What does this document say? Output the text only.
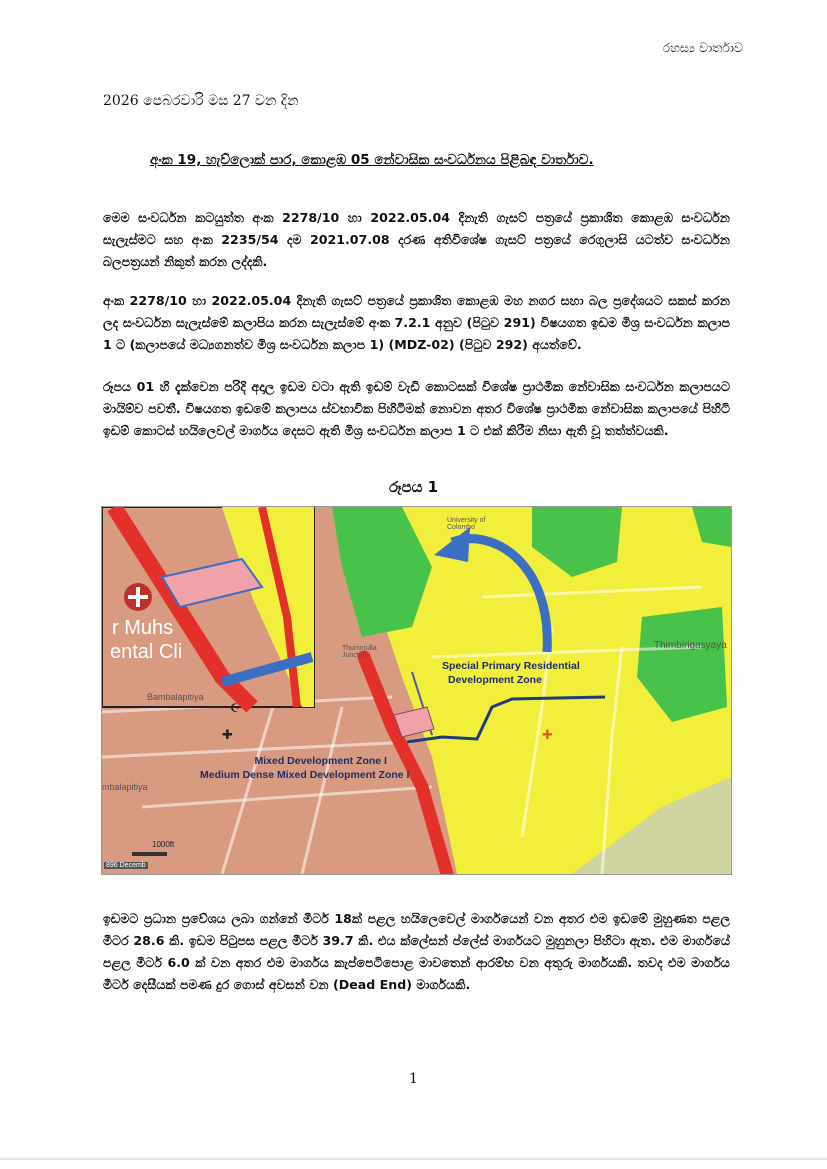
රහස්‍ය වාර්තාව
2026 පෙබරවාරි මස 27 වන දින
අංක 19, හැව්ලොක් පාර, කොළඹ 05 නේවාසික සංවර්ධනය පිළිබඳ වාර්තාව.
මෙම සංවර්ධන කටයුත්ත අංක 2278/10 හා 2022.05.04 දිනැති ගැසට් පත්‍රයේ ප්‍රකාශිත කොළඹ සංවර්ධන සැලැස්මට සහ අංක 2235/54 දම 2021.07.08 දරණ අතිවිශේෂ ගැසට් පත්‍රයේ රෙගුලාසි යටත්ව සංවර්ධන බලපත්‍රයන් නිකුත් කරන ලද්දකි.
අංක 2278/10 හා 2022.05.04 දිනැති ගැසට් පත්‍රයේ ප්‍රකාශිත කොළඹ මහ නගර සහා බල ප්‍රදේශයට සකස් කරන ලද සංවර්ධන සැලැස්මේ කලාපිය කරන සැලැස්මේ අංක 7.2.1 අනුව (පිටුව 291) විෂයගත ඉඩම මිශ්‍ර සංවර්ධන කලාප 1 ට (කලාපයේ මධ්‍යගනත්ව මිශ්‍ර සංවර්ධන කලාප 1) (MDZ-02) (පිටුව 292) අයත්වේ.
රූපය 01 හි දැක්වෙන පරිදි අදාල ඉඩම වටා ඇති ඉඩම් වැඩි කොටසක් විශේෂ ප්‍රාථමික නේවාසික සංවර්ධන කලාපයට මායිම්ව පවතී. විෂයගත ඉඩමේ කලාපය ස්වභාවික පිහිටීමක් නොවන අතර විශේෂ ප්‍රාථමික නේවාසික කලාපයේ පිහිටි ඉඩම් කොටස් හයිලෙවල් මාර්ගය දෙසට ඇති මිශ්‍ර සංවර්ධන කලාප 1 ට එක් කිරීම නිසා ඇති වූ තත්ත්වයකි.
රූපය 1
☪
✚	✚
Special Primary Residential
Development Zone
Mixed Development Zone I
Medium Dense Mixed Development Zone I
Thimbirigasyaya
Thummulla Junction
Bambalapitiya
mbalapitiya
University of Colombo
r Muhs
ental Cli
1000ft
896 Decemb
ඉඩමට ප්‍රධාන ප්‍රවේශය ලබා ගන්නේ මීටර් 18ක් පළල හයිලෙවෙල් මාර්ගයෙන් වන අතර එම ඉඩමේ මුහුණත පළල මීටර 28.6 කි. ඉඩම පිටුපස පළල මීටර් 39.7 කි. එය ක්ලේසන් ප්ලේස් මාර්ගයට මුහුනලා පිහිටා ඇත. එම මාර්ගයේ පළල මීටර් 6.0 ක් වන අතර එම මාර්ගය කැප්පෙටිපොළ මාවතෙන් ආරම්භ වන අතුරු මාර්ගයකි. තවද එම මාර්ගය මීටර් දෙසීයක් පමණ දුර ගොස් අවසන් වන (Dead End) මාර්ගයකි.
1
